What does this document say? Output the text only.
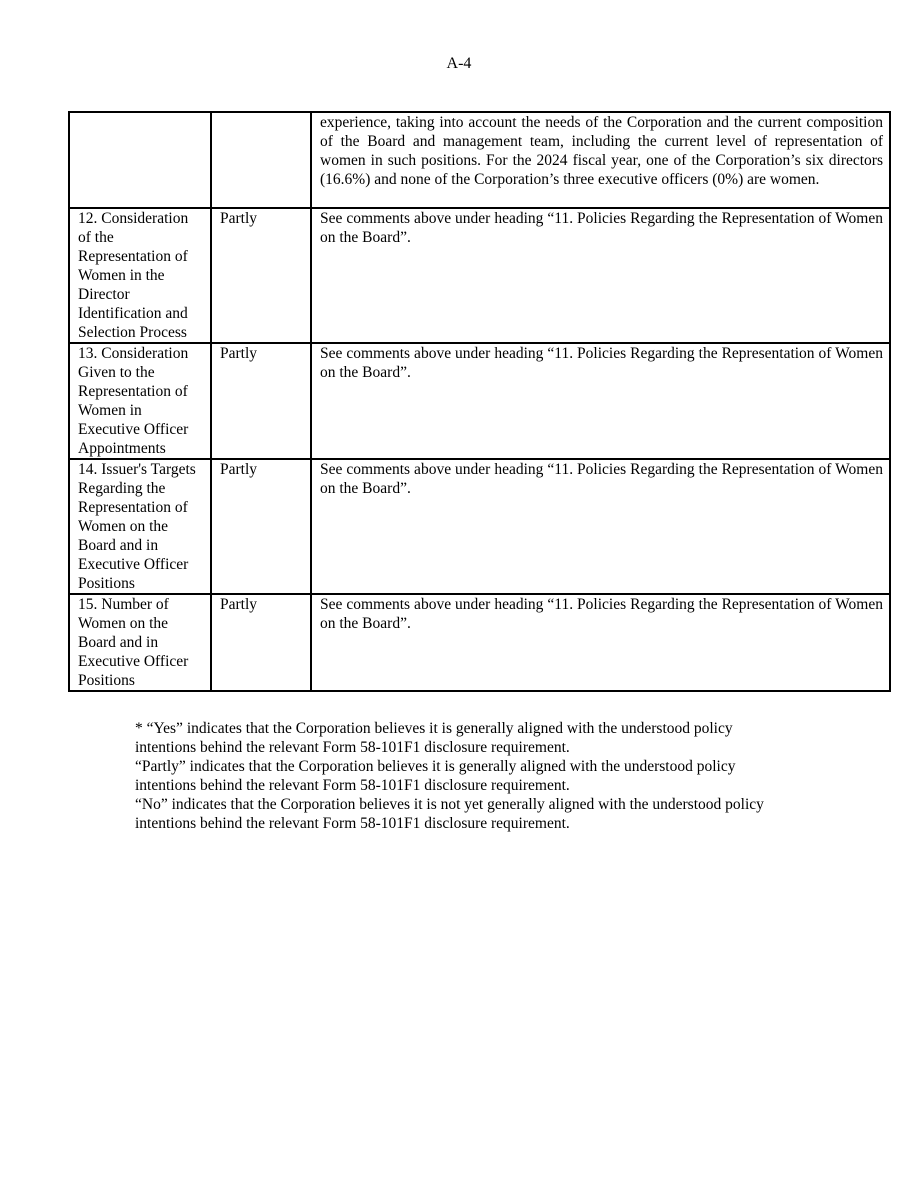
A-4
		experience, taking into account the needs of the Corporation and the current composition of the Board and management team, including the current level of representation of women in such positions. For the 2024 fiscal year, one of the Corporation’s six directors (16.6%) and none of the Corporation’s three executive officers (0%) are women.
12. Consideration of the Representation of Women in the Director Identification and Selection Process	Partly	See comments above under heading “11. Policies Regarding the Representation of Women on the Board”.
13. Consideration Given to the Representation of Women in Executive Officer Appointments	Partly	See comments above under heading “11. Policies Regarding the Representation of Women on the Board”.
14. Issuer's Targets Regarding the Representation of Women on the Board and in Executive Officer Positions	Partly	See comments above under heading “11. Policies Regarding the Representation of Women on the Board”.
15. Number of Women on the Board and in Executive Officer Positions	Partly	See comments above under heading “11. Policies Regarding the Representation of Women on the Board”.

* “Yes” indicates that the Corporation believes it is generally aligned with the understood policy intentions behind the relevant Form 58-101F1 disclosure requirement.

“Partly” indicates that the Corporation believes it is generally aligned with the understood policy intentions behind the relevant Form 58-101F1 disclosure requirement.

“No” indicates that the Corporation believes it is not yet generally aligned with the understood policy intentions behind the relevant Form 58-101F1 disclosure requirement.
